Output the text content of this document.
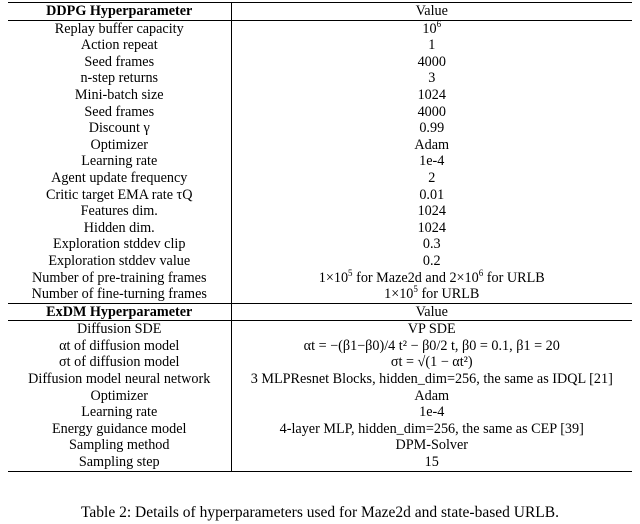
DDPG Hyperparameter	Value
Replay buffer capacity	$10^6$
Action repeat	1
Seed frames	4000
n-step returns	3
Mini-batch size	1024
Seed frames	4000
Discount γ	0.99
Optimizer	Adam
Learning rate	1e-4
Agent update frequency	2
Critic target EMA rate τQ	0.01
Features dim.	1024
Hidden dim.	1024
Exploration stddev clip	0.3
Exploration stddev value	0.2
Number of pre-training frames	$1\times 10^5$ for Maze2d and $2\times 10^6$ for URLB
Number of fine-turning frames	$1\times 10^5$ for URLB
ExDM Hyperparameter	Value
Diffusion SDE	VP SDE
αt of diffusion model	αt = −(β1−β0)/4 t² − β0/2 t, β0 = 0.1, β1 = 20
σt of diffusion model	σt = √(1 − αt²)
Diffusion model neural network	3 MLPResnet Blocks, hidden_dim=256, the same as IDQL [21]
Optimizer	Adam
Learning rate	1e-4
Energy guidance model	4-layer MLP, hidden_dim=256, the same as CEP [39]
Sampling method	DPM-Solver
Sampling step	15
Table 2: Details of hyperparameters used for Maze2d and state-based URLB.
